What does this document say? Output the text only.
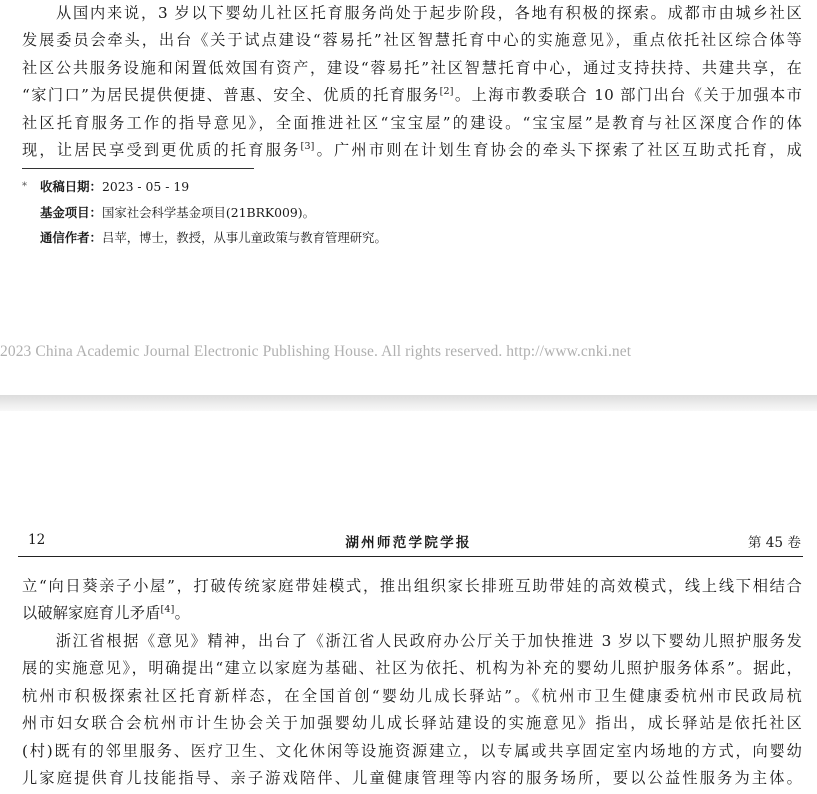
　　从国内来说，3 岁以下婴幼儿社区托育服务尚处于起步阶段，各地有积极的探索。成都市由城乡社区
发展委员会牵头，出台《关于试点建设“蓉易托”社区智慧托育中心的实施意见》，重点依托社区综合体等
社区公共服务设施和闲置低效国有资产，建设“蓉易托”社区智慧托育中心，通过支持扶持、共建共享，在
“家门口”为居民提供便捷、普惠、安全、优质的托育服务[2]。上海市教委联合 10 部门出台《关于加强本市
社区托育服务工作的指导意见》，全面推进社区“宝宝屋”的建设。“宝宝屋”是教育与社区深度合作的体
现，让居民享受到更优质的托育服务[3]。广州市则在计划生育协会的牵头下探索了社区互助式托育，成
* 收稿日期：2023 - 05 - 19
基金项目：国家社会科学基金项目(21BRK009)。
通信作者：吕苹，博士，教授，从事儿童政策与教育管理研究。
2023 China Academic Journal Electronic Publishing House. All rights reserved. http://www.cnki.net
12	湖州师范学院学报	第 45 卷
立“向日葵亲子小屋”，打破传统家庭带娃模式，推出组织家长排班互助带娃的高效模式，线上线下相结合
以破解家庭育儿矛盾[4]。
　　浙江省根据《意见》精神，出台了《浙江省人民政府办公厅关于加快推进 3 岁以下婴幼儿照护服务发
展的实施意见》，明确提出“建立以家庭为基础、社区为依托、机构为补充的婴幼儿照护服务体系”。据此，
杭州市积极探索社区托育新样态，在全国首创“婴幼儿成长驿站”。《杭州市卫生健康委杭州市民政局杭
州市妇女联合会杭州市计生协会关于加强婴幼儿成长驿站建设的实施意见》指出，成长驿站是依托社区
(村)既有的邻里服务、医疗卫生、文化休闲等设施资源建立，以专属或共享固定室内场地的方式，向婴幼
儿家庭提供育儿技能指导、亲子游戏陪伴、儿童健康管理等内容的服务场所，要以公益性服务为主体。
